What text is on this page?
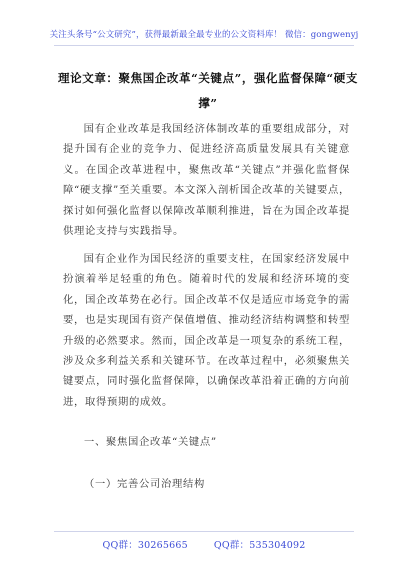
关注头条号“公文研究”，获得最新最全最专业的公文资料库！ 微信：gongwenyj
理论文章：聚焦国企改革“关键点”，强化监督保障“硬支撑”
国有企业改革是我国经济体制改革的重要组成部分，对提升国有企业的竞争力、促进经济高质量发展具有关键意义。在国企改革进程中，聚焦改革“关键点”并强化监督保障“硬支撑”至关重要。本文深入剖析国企改革的关键要点，探讨如何强化监督以保障改革顺利推进，旨在为国企改革提供理论支持与实践指导。
国有企业作为国民经济的重要支柱，在国家经济发展中扮演着举足轻重的角色。随着时代的发展和经济环境的变化，国企改革势在必行。国企改革不仅是适应市场竞争的需要，也是实现国有资产保值增值、推动经济结构调整和转型升级的必然要求。然而，国企改革是一项复杂的系统工程，涉及众多利益关系和关键环节。在改革过程中，必须聚焦关键要点，同时强化监督保障，以确保改革沿着正确的方向前进，取得预期的成效。
一、聚焦国企改革“关键点”
（一）完善公司治理结构
QQ群：30265665	QQ群：535304092
